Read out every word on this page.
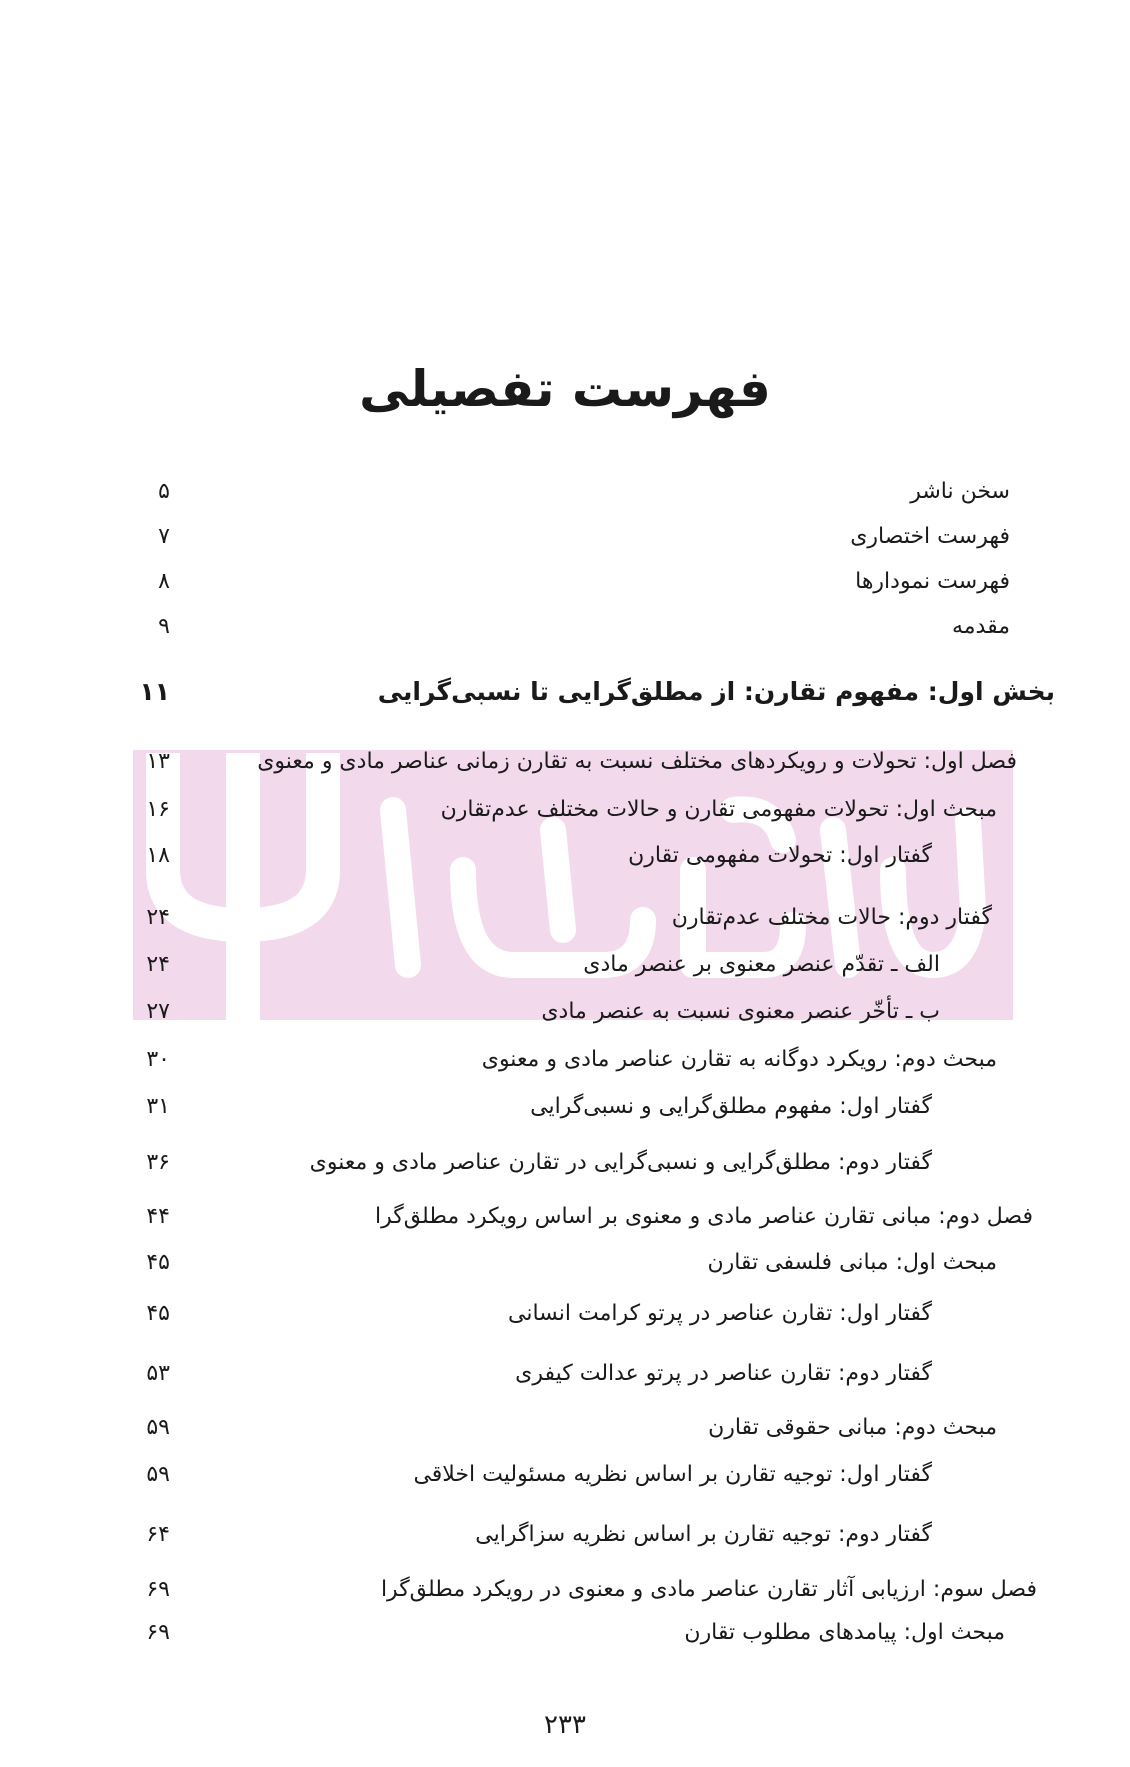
فهرست تفصیلی
سخن ناشر
۵
فهرست اختصاری
۷
فهرست نمودارها
۸
مقدمه
۹
بخش اول: مفهوم تقارن: از مطلق‌گرایی تا نسبی‌گرایی
۱۱
فصل اول: تحولات و رویکردهای مختلف نسبت به تقارن زمانی عناصر مادی و معنوی
۱۳
مبحث اول: تحولات مفهومی تقارن و حالات مختلف عدم‌تقارن
۱۶
گفتار اول: تحولات مفهومی تقارن
۱۸
گفتار دوم: حالات مختلف عدم‌تقارن
۲۴
الف ـ تقدّم عنصر معنوی بر عنصر مادی
۲۴
ب ـ تأخّر عنصر معنوی نسبت به عنصر مادی
۲۷
مبحث دوم: رویکرد دوگانه به تقارن عناصر مادی و معنوی
۳۰
گفتار اول: مفهوم مطلق‌گرایی و نسبی‌گرایی
۳۱
گفتار دوم: مطلق‌گرایی و نسبی‌گرایی در تقارن عناصر مادی و معنوی
۳۶
فصل دوم: مبانی تقارن عناصر مادی و معنوی بر اساس رویکرد مطلق‌گرا
۴۴
مبحث اول: مبانی فلسفی تقارن
۴۵
گفتار اول: تقارن عناصر در پرتو کرامت انسانی
۴۵
گفتار دوم: تقارن عناصر در پرتو عدالت کیفری
۵۳
مبحث دوم: مبانی حقوقی تقارن
۵۹
گفتار اول: توجیه تقارن بر اساس نظریه مسئولیت اخلاقی
۵۹
گفتار دوم: توجیه تقارن بر اساس نظریه سزاگرایی
۶۴
فصل سوم: ارزیابی آثار تقارن عناصر مادی و معنوی در رویکرد مطلق‌گرا
۶۹
مبحث اول: پیامدهای مطلوب تقارن
۶۹
۲۳۳
